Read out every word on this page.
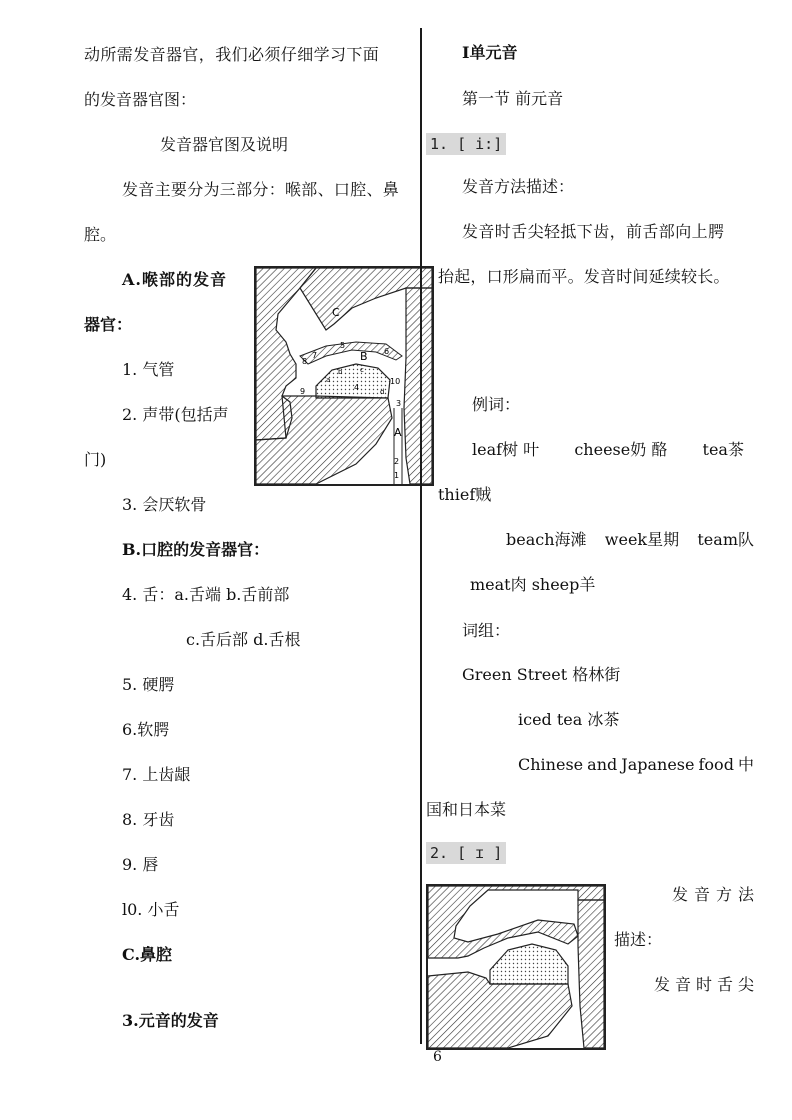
动所需发音器官，我们必须仔细学习下面
的发音器官图：
发音器官图及说明
发音主要分为三部分：喉部、口腔、鼻
腔。
A.喉部的发音
器官：
C
B
A
2
1
3
4
5
6
7
8
9
10
a
b	c
d
1. 气管
2. 声带(包括声
门)
3. 会厌软骨
B.口腔的发音器官：
4. 舌：a.舌端 b.舌前部
c.舌后部 d.舌根
5. 硬腭
6.软腭
7. 上齿龈
8. 牙齿
9. 唇
l0. 小舌
C.鼻腔
3.元音的发音
I单元音
第一节 前元音
1. [ i:]
发音方法描述：
发音时舌尖轻抵下齿，前舌部向上腭
抬起，口形扁而平。发音时间延续较长。
例词：
leaf树 叶 cheese奶 酪 tea茶
thief贼
beach海滩 week星期 team队
meat肉 sheep羊
词组：
Green Street 格林街
iced tea 冰茶
Chinese and Japanese food 中
国和日本菜
2. [ ɪ ]
发 音 方 法
描述：
发 音 时 舌 尖
6
